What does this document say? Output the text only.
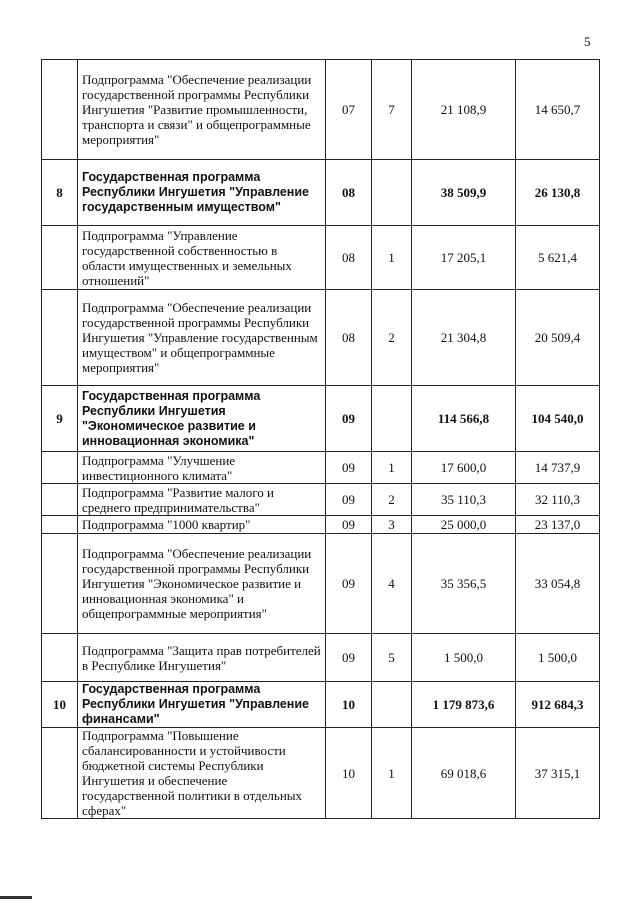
5
	Подпрограмма "Обеспечение реализации государственной программы Республики Ингушетия "Развитие промышленности, транспорта и связи" и общепрограммные мероприятия"	07	7	21 108,9	14 650,7
8	Государственная программа Республики Ингушетия "Управление государственным имуществом"	08		38 509,9	26 130,8
	Подпрограмма "Управление государственной собственностью в области имущественных и земельных отношений"	08	1	17 205,1	5 621,4
	Подпрограмма "Обеспечение реализации государственной программы Республики Ингушетия "Управление государственным имуществом" и общепрограммные мероприятия"	08	2	21 304,8	20 509,4
9	Государственная программа Республики Ингушетия "Экономическое развитие и инновационная экономика"	09		114 566,8	104 540,0
	Подпрограмма "Улучшение инвестиционного климата"	09	1	17 600,0	14 737,9
	Подпрограмма "Развитие малого и среднего предпринимательства"	09	2	35 110,3	32 110,3
	Подпрограмма "1000 квартир"	09	3	25 000,0	23 137,0
	Подпрограмма "Обеспечение реализации государственной программы Республики Ингушетия "Экономическое развитие и инновационная экономика" и общепрограммные мероприятия"	09	4	35 356,5	33 054,8
	Подпрограмма "Защита прав потребителей в Республике Ингушетия"	09	5	1 500,0	1 500,0
10	Государственная программа Республики Ингушетия "Управление финансами"	10		1 179 873,6	912 684,3
	Подпрограмма "Повышение сбалансированности и устойчивости бюджетной системы Республики Ингушетия и обеспечение государственной политики в отдельных сферах"	10	1	69 018,6	37 315,1
